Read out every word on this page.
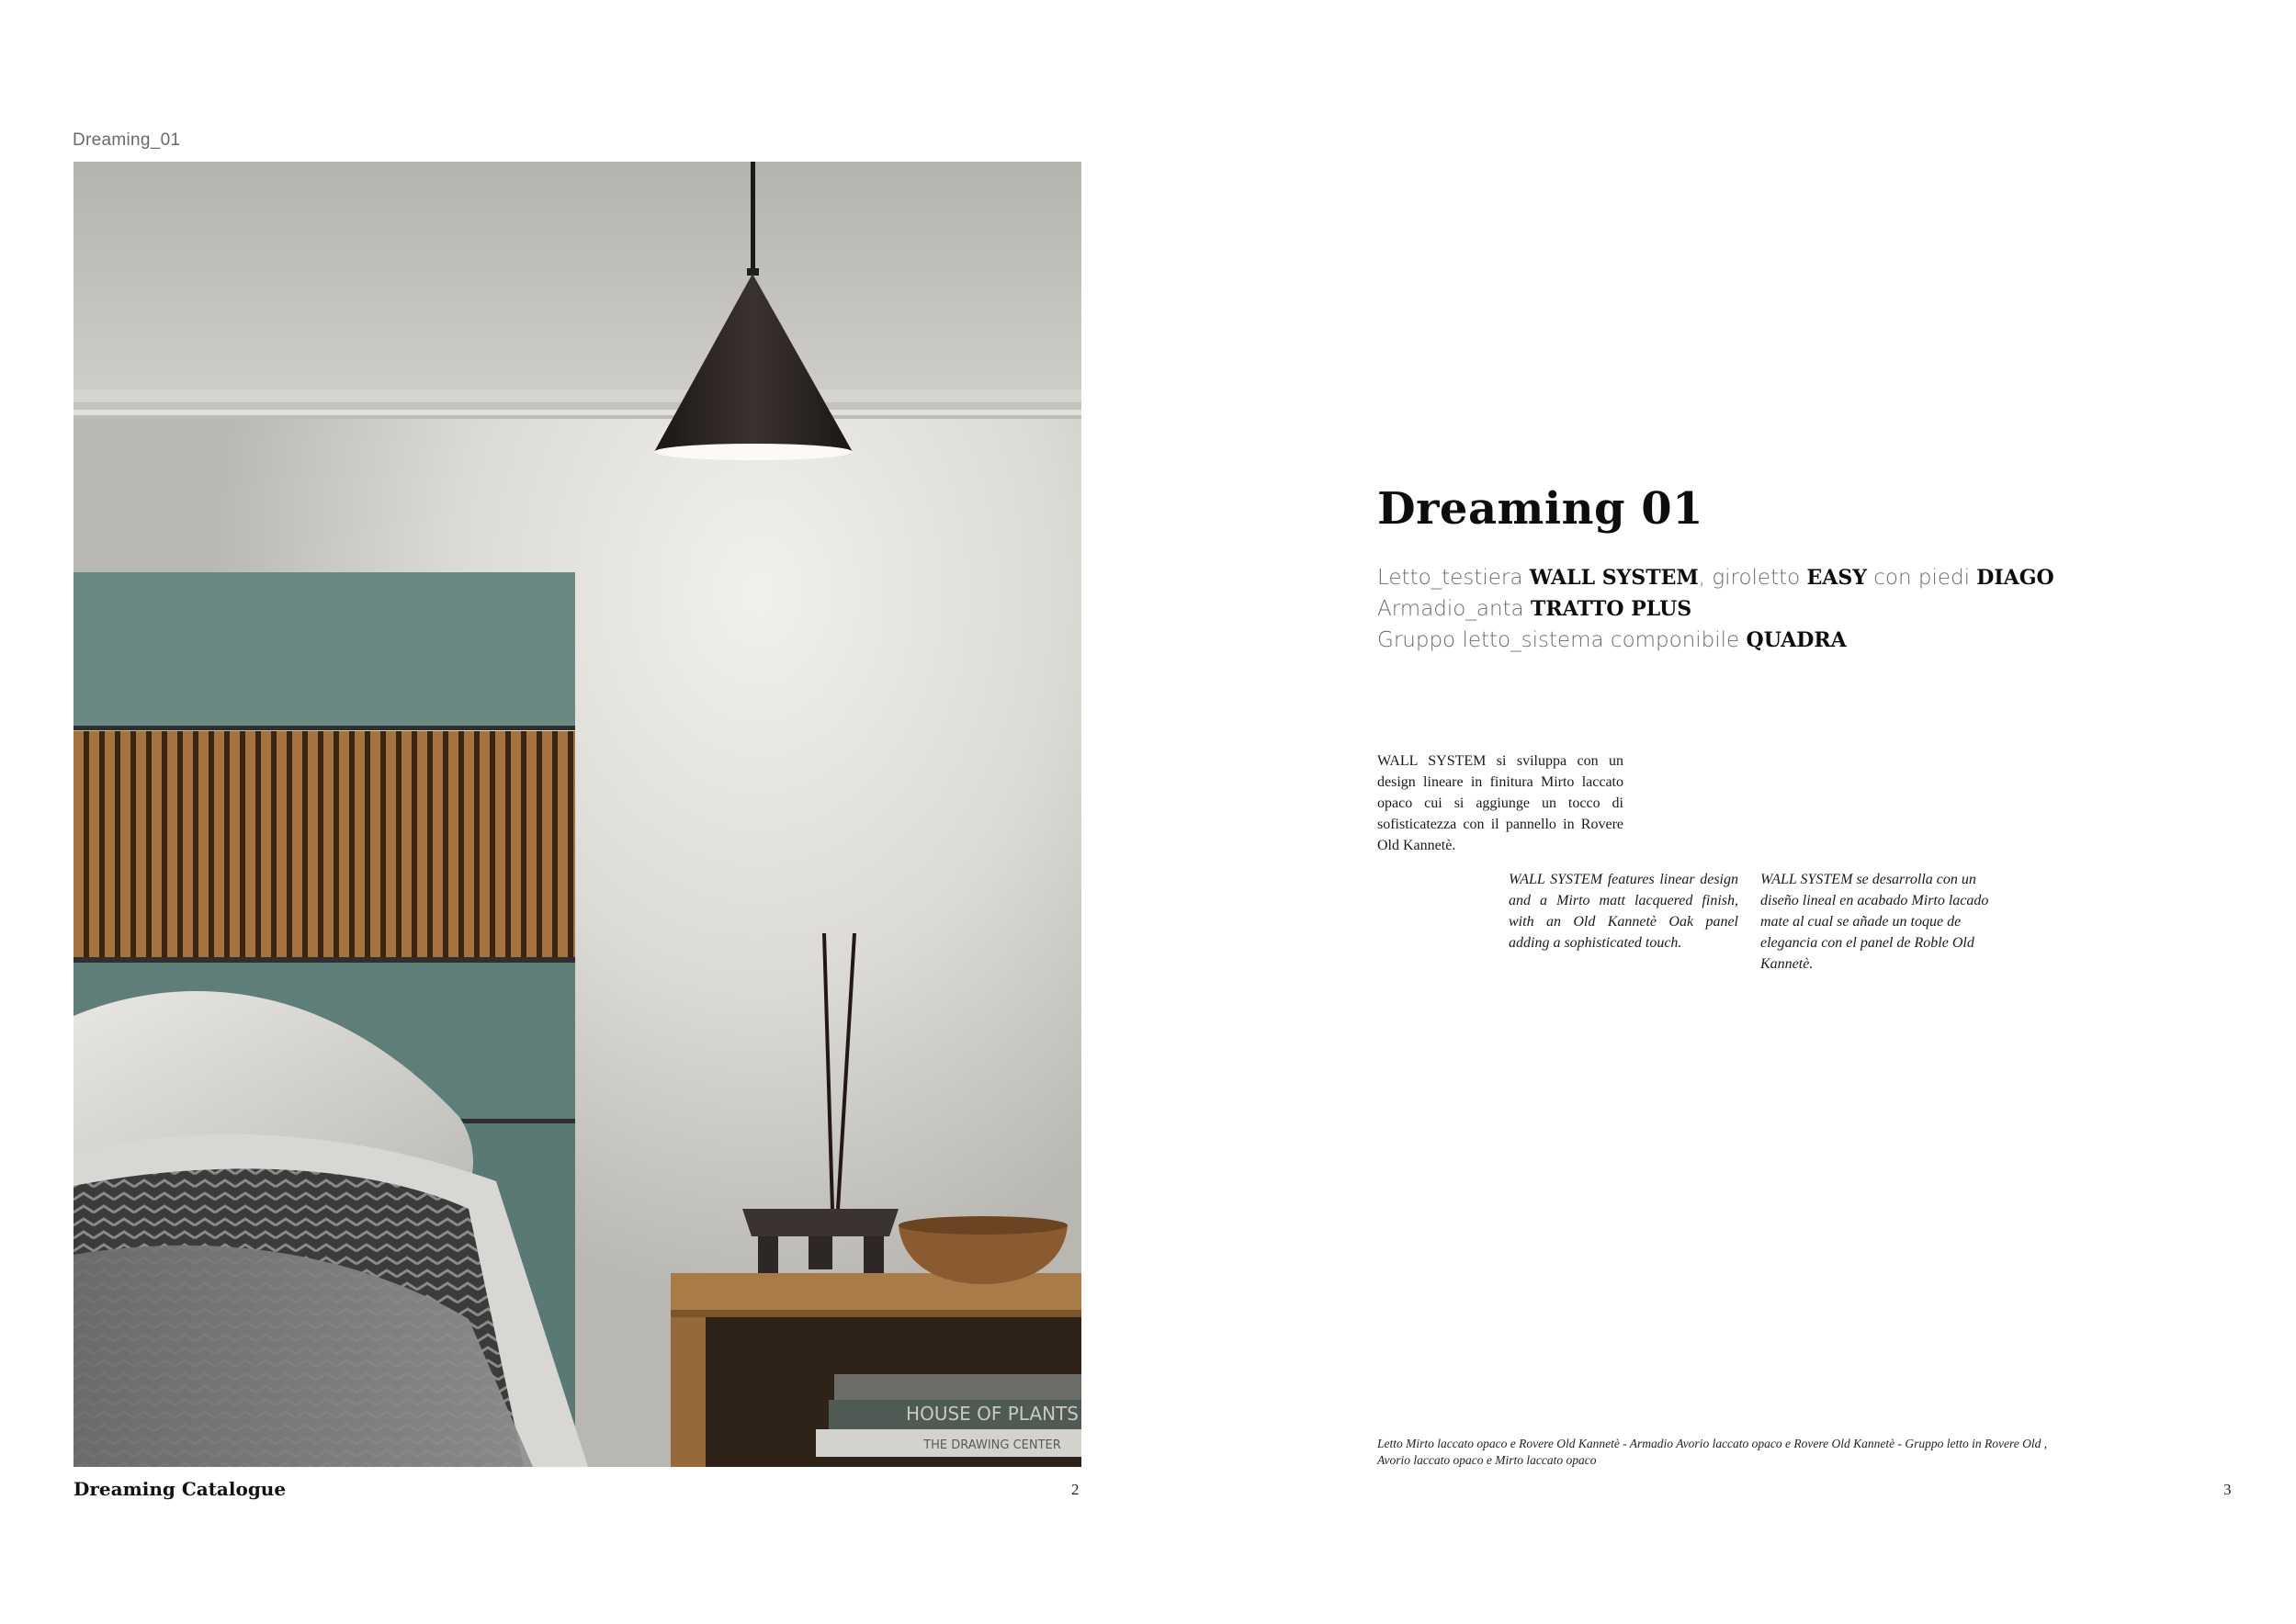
Dreaming_01
HOUSE OF PLANTS
THE DRAWING CENTER
Dreaming Catalogue	2
Dreaming 01
Letto_testiera WALL SYSTEM, giroletto EASY con piedi DIAGO
Armadio_anta TRATTO PLUS
Gruppo letto_sistema componibile QUADRA

WALL SYSTEM si sviluppa con un design lineare in finitura Mirto laccato opaco cui si aggiunge un tocco di sofisticatezza con il pannello in Rovere Old Kannetè.

WALL SYSTEM features linear design and a Mirto matt lacquered finish, with an Old Kannetè Oak panel adding a sophisticated touch.

WALL SYSTEM se desarrolla con un diseño lineal en acabado Mirto lacado mate al cual se añade un toque de elegancia con el panel de Roble Old Kannetè.

Letto Mirto laccato opaco e Rovere Old Kannetè - Armadio Avorio laccato opaco e Rovere Old Kannetè - Gruppo letto in Rovere Old , Avorio laccato opaco e Mirto laccato opaco

3
